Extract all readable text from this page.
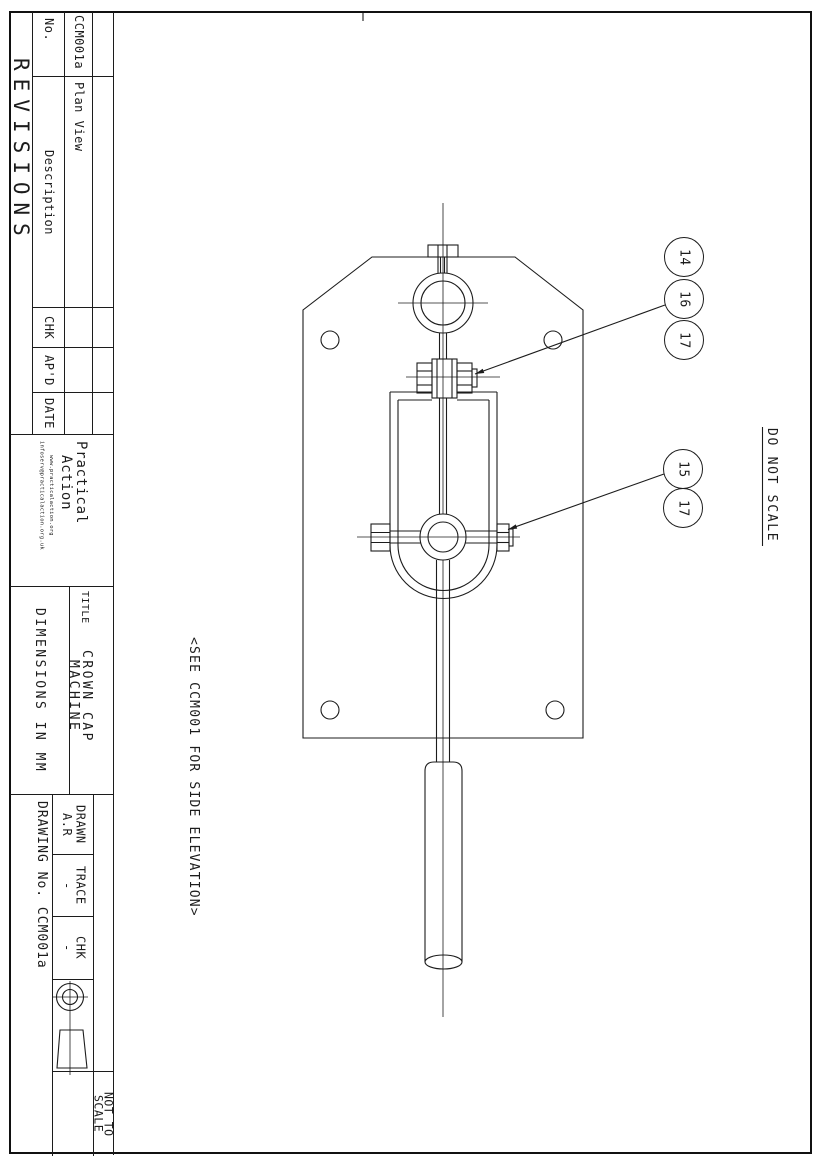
REVISIONS
No.
Description
CHK
AP'D
DATE
CCM001a
Plan View
Practical
Action
www.practicalaction.org
infoserv@practicalaction.org.uk
DIMENSIONS IN MM
TITLE
CROWN CAP
MACHINE
DRAWING No. CCM001a DRAWN
A.R
TRACE
-
CHK
-
NOT TO
SCALE
DO NOT SCALE
<SEE CCM001 FOR SIDE ELEVATION>
14
16
17
15
17
